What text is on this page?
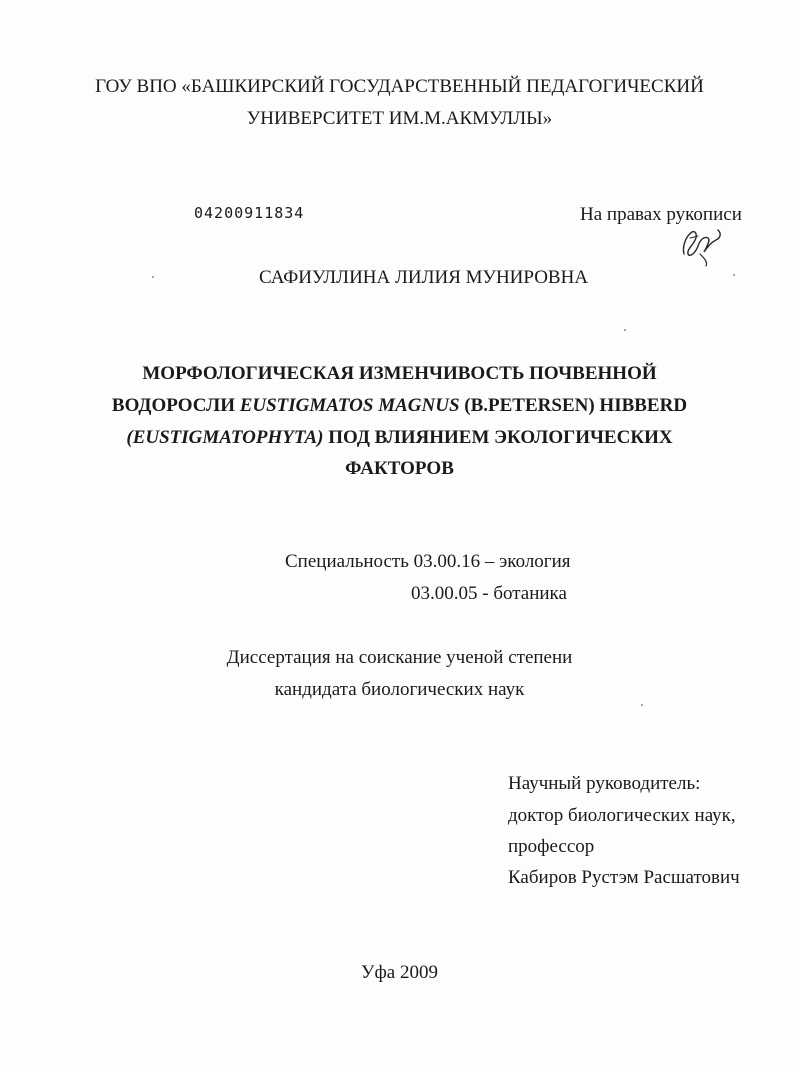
ГОУ ВПО «БАШКИРСКИЙ ГОСУДАРСТВЕННЫЙ ПЕДАГОГИЧЕСКИЙ
УНИВЕРСИТЕТ ИМ.М.АКМУЛЛЫ»
04200911834	На правах рукописи
САФИУЛЛИНА ЛИЛИЯ МУНИРОВНА
МОРФОЛОГИЧЕСКАЯ ИЗМЕНЧИВОСТЬ ПОЧВЕННОЙ
ВОДОРОСЛИ EUSTIGMATOS MAGNUS (B.PETERSEN) HIBBERD
(EUSTIGMATOPHYTA) ПОД ВЛИЯНИЕМ ЭКОЛОГИЧЕСКИХ
ФАКТОРОВ
Специальность 03.00.16 – экология
03.00.05 - ботаника
Диссертация на соискание ученой степени
кандидата биологических наук
Научный руководитель:
доктор биологических наук,
профессор
Кабиров Рустэм Расшатович
Уфа 2009
